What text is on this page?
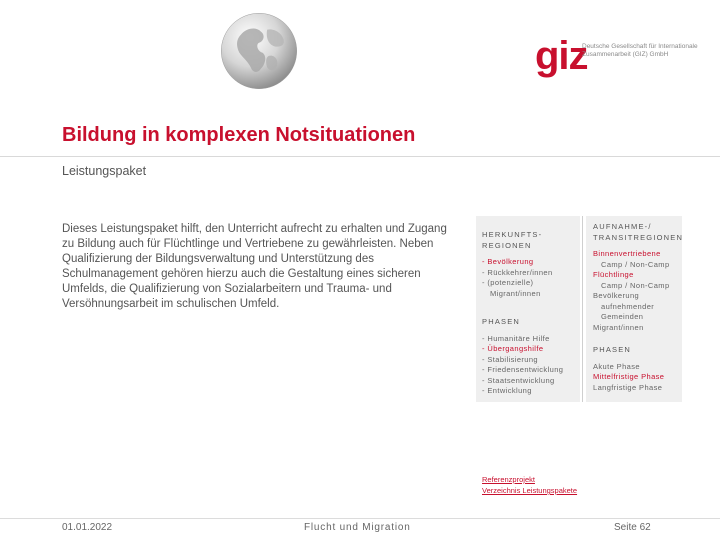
giz
Deutsche Gesellschaft für Internationale Zusammenarbeit (GIZ) GmbH
Bildung in komplexen Notsituationen
Leistungspaket

Dieses Leistungspaket hilft, den Unterricht aufrecht zu erhalten und Zugang zu Bildung auch für Flüchtlinge und Vertriebene zu gewährleisten. Neben Qualifizierung der Bildungsverwaltung und Unterstützung des Schulmanagement gehören hierzu auch die Gestaltung eines sicheren Umfelds, die Qualifizierung von Sozialarbeitern und Trauma- und Versöhnungsarbeit im schulischen Umfeld.

HERKUNFTS-REGIONEN
- Bevölkerung
- Rückkehrer/innen
- (potenzielle)
Migrant/innen
PHASEN
- Humanitäre Hilfe
- Übergangshilfe
- Stabilisierung
- Friedensentwicklung
- Staatsentwicklung
- Entwicklung
AUFNAHME-/ TRANSITREGIONEN
Binnenvertriebene
Camp / Non-Camp
Flüchtlinge
Camp / Non-Camp
Bevölkerung
aufnehmender
Gemeinden
Migrant/innen
PHASEN
Akute Phase
Mittelfristige Phase
Langfristige Phase
Referenzprojekt
Verzeichnis Leistungspakete
01.01.2022	Flucht und Migration	Seite 62
